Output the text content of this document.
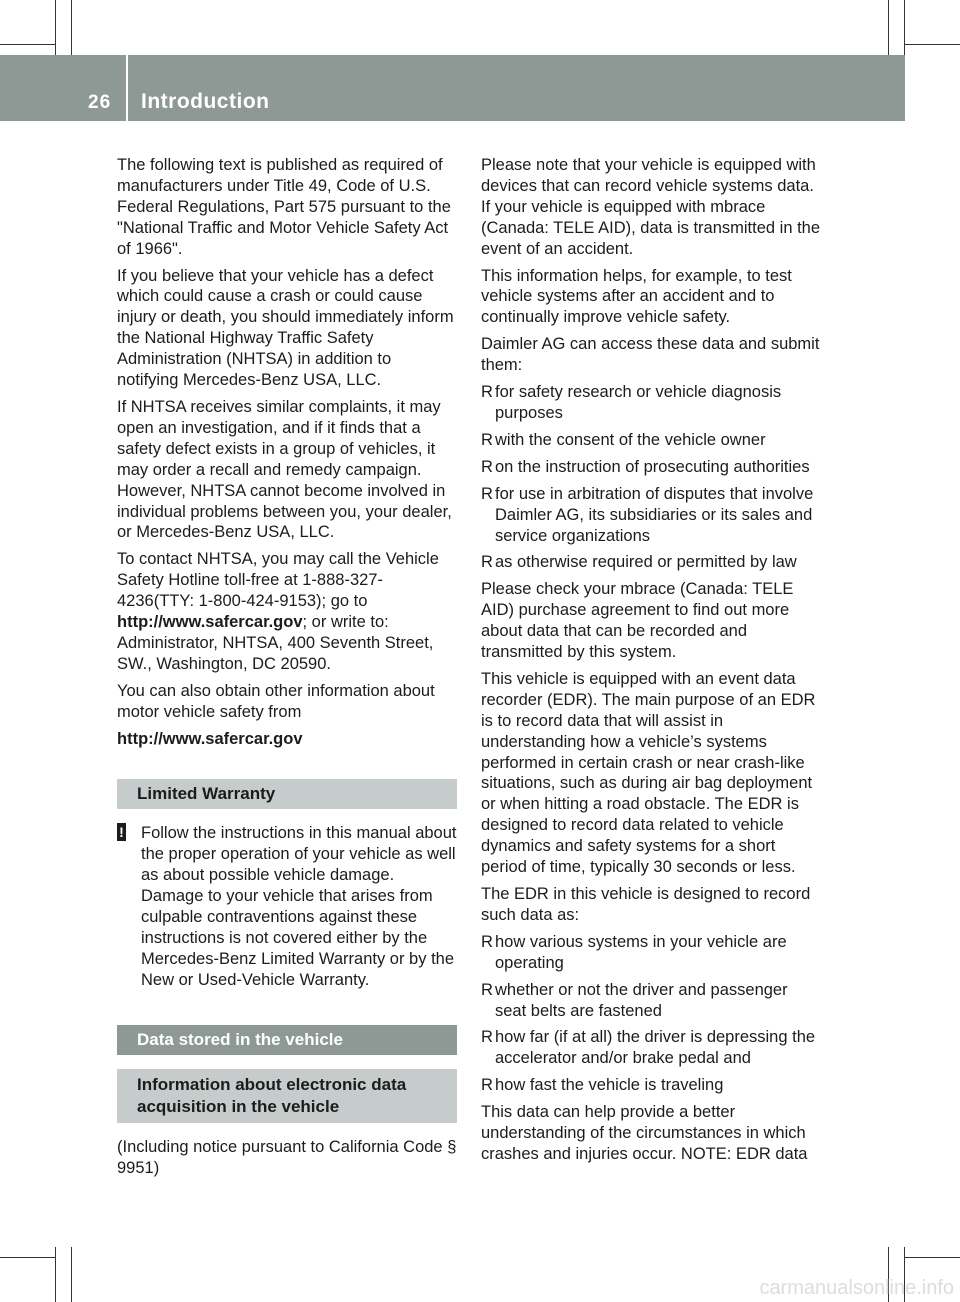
26 Introduction

The following text is published as required of manufacturers under Title 49, Code of U.S. Federal Regulations, Part 575 pursuant to the "National Traffic and Motor Vehicle Safety Act of 1966".

If you believe that your vehicle has a defect which could cause a crash or could cause injury or death, you should immediately inform the National Highway Traffic Safety Administration (NHTSA) in addition to notifying Mercedes-Benz USA, LLC.

If NHTSA receives similar complaints, it may open an investigation, and if it finds that a safety defect exists in a group of vehicles, it may order a recall and remedy campaign. However, NHTSA cannot become involved in individual problems between you, your dealer, or Mercedes-Benz USA, LLC.

To contact NHTSA, you may call the Vehicle Safety Hotline toll-free at 1-888-327-4236(TTY: 1-800-424-9153); go to http://www.safercar.gov; or write to: Administrator, NHTSA, 400 Seventh Street, SW., Washington, DC 20590.

You can also obtain other information about motor vehicle safety from

http://www.safercar.gov

Limited Warranty
! Follow the instructions in this manual about the proper operation of your vehicle as well as about possible vehicle damage. Damage to your vehicle that arises from culpable contraventions against these instructions is not covered either by the Mercedes-Benz Limited Warranty or by the New or Used-Vehicle Warranty.
Data stored in the vehicle
Information about electronic data acquisition in the vehicle

(Including notice pursuant to California Code § 9951)

Please note that your vehicle is equipped with devices that can record vehicle systems data. If your vehicle is equipped with mbrace (Canada: TELE AID), data is transmitted in the event of an accident.

This information helps, for example, to test vehicle systems after an accident and to continually improve vehicle safety.

Daimler AG can access these data and submit them:

R for safety research or vehicle diagnosis purposes
R with the consent of the vehicle owner
R on the instruction of prosecuting authorities
R for use in arbitration of disputes that involve Daimler AG, its subsidiaries or its sales and service organizations
R as otherwise required or permitted by law

Please check your mbrace (Canada: TELE AID) purchase agreement to find out more about data that can be recorded and transmitted by this system.

This vehicle is equipped with an event data recorder (EDR). The main purpose of an EDR is to record data that will assist in understanding how a vehicle’s systems performed in certain crash or near crash-like situations, such as during air bag deployment or when hitting a road obstacle. The EDR is designed to record data related to vehicle dynamics and safety systems for a short period of time, typically 30 seconds or less.

The EDR in this vehicle is designed to record such data as:

R how various systems in your vehicle are operating
R whether or not the driver and passenger seat belts are fastened
R how far (if at all) the driver is depressing the accelerator and/or brake pedal and
R how fast the vehicle is traveling

This data can help provide a better understanding of the circumstances in which crashes and injuries occur. NOTE: EDR data

carmanualsonline.info
